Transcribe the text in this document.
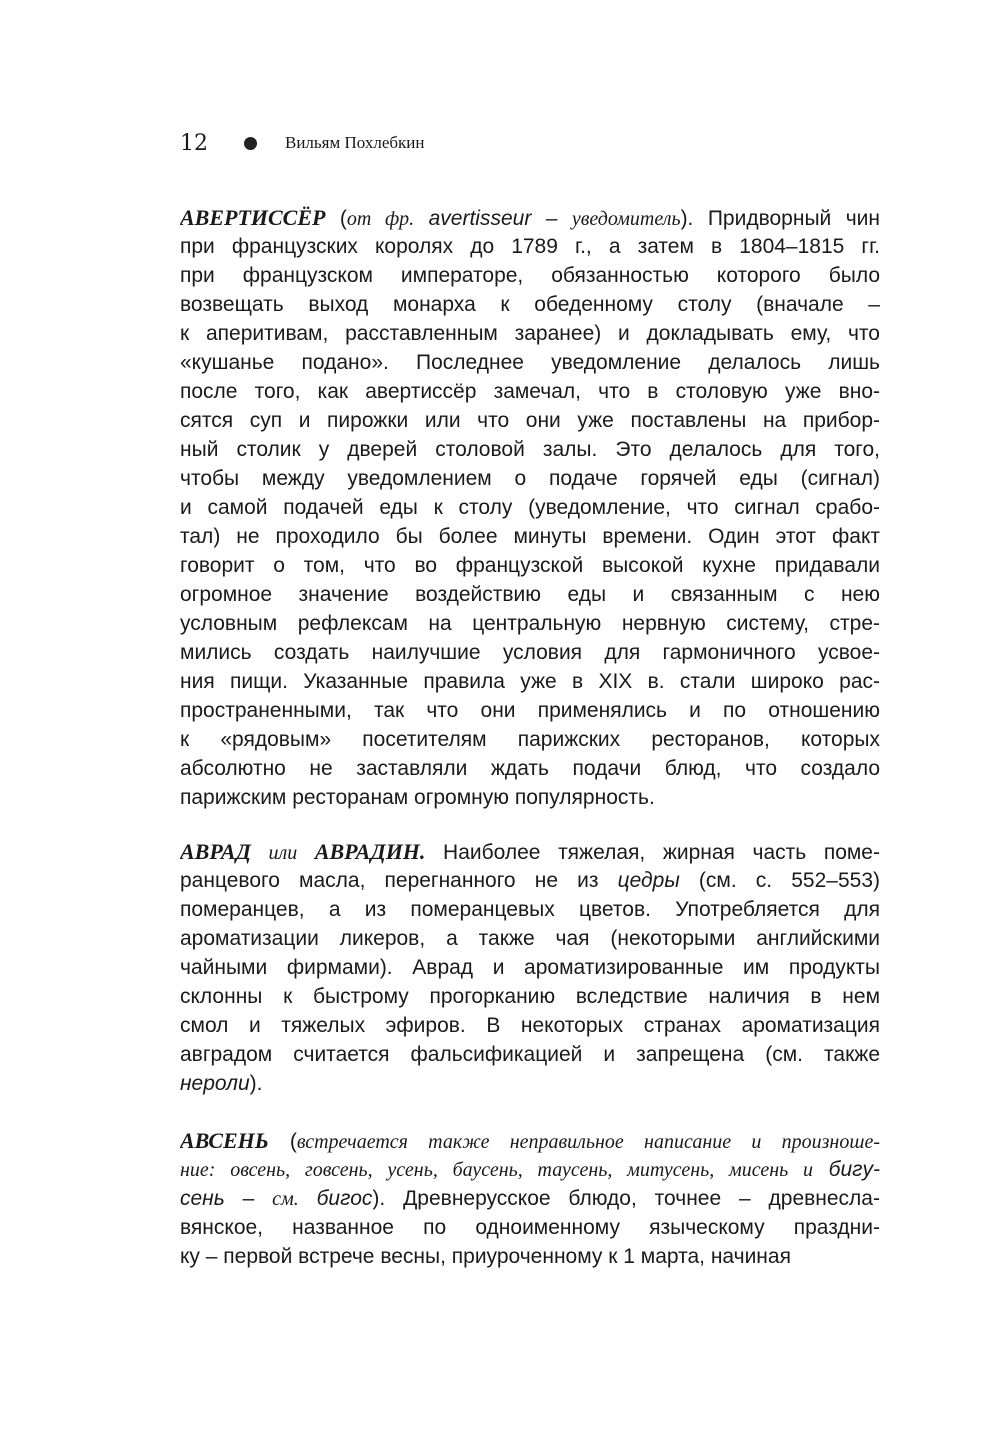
12	Вильям Похлебкин
АВЕРТИССЁР (от фр. avertisseur – уведомитель). Придворный чин
при французских королях до 1789 г., а затем в 1804–1815 гг.
при французском императоре, обязанностью которого было
возвещать выход монарха к обеденному столу (вначале –
к аперитивам, расставленным заранее) и докладывать ему, что
«кушанье подано». Последнее уведомление делалось лишь
после того, как авертиссёр замечал, что в столовую уже вно-
сятся суп и пирожки или что они уже поставлены на прибор-
ный столик у дверей столовой залы. Это делалось для того,
чтобы между уведомлением о подаче горячей еды (сигнал)
и самой подачей еды к столу (уведомление, что сигнал срабо-
тал) не проходило бы более минуты времени. Один этот факт
говорит о том, что во французской высокой кухне придавали
огромное значение воздействию еды и связанным с нею
условным рефлексам на центральную нервную систему, стре-
мились создать наилучшие условия для гармоничного усвое-
ния пищи. Указанные правила уже в XIX в. стали широко рас-
пространенными, так что они применялись и по отношению
к «рядовым» посетителям парижских ресторанов, которых
абсолютно не заставляли ждать подачи блюд, что создало
парижским ресторанам огромную популярность.
АВРАД или АВРАДИН. Наиболее тяжелая, жирная часть поме-
ранцевого масла, перегнанного не из цедры (см. с. 552–553)
померанцев, а из померанцевых цветов. Употребляется для
ароматизации ликеров, а также чая (некоторыми английскими
чайными фирмами). Аврад и ароматизированные им продукты
склонны к быстрому прогорканию вследствие наличия в нем
смол и тяжелых эфиров. В некоторых странах ароматизация
авградом считается фальсификацией и запрещена (см. также
нероли).
АВСЕНЬ (встречается также неправильное написание и произноше-
ние: овсень, говсень, усень, баусень, таусень, митусень, мисень и бигу-
сень – см. бигос). Древнерусское блюдо, точнее – древнесла-
вянское, названное по одноименному языческому праздни-
ку – первой встрече весны, приуроченному к 1 марта, начиная
